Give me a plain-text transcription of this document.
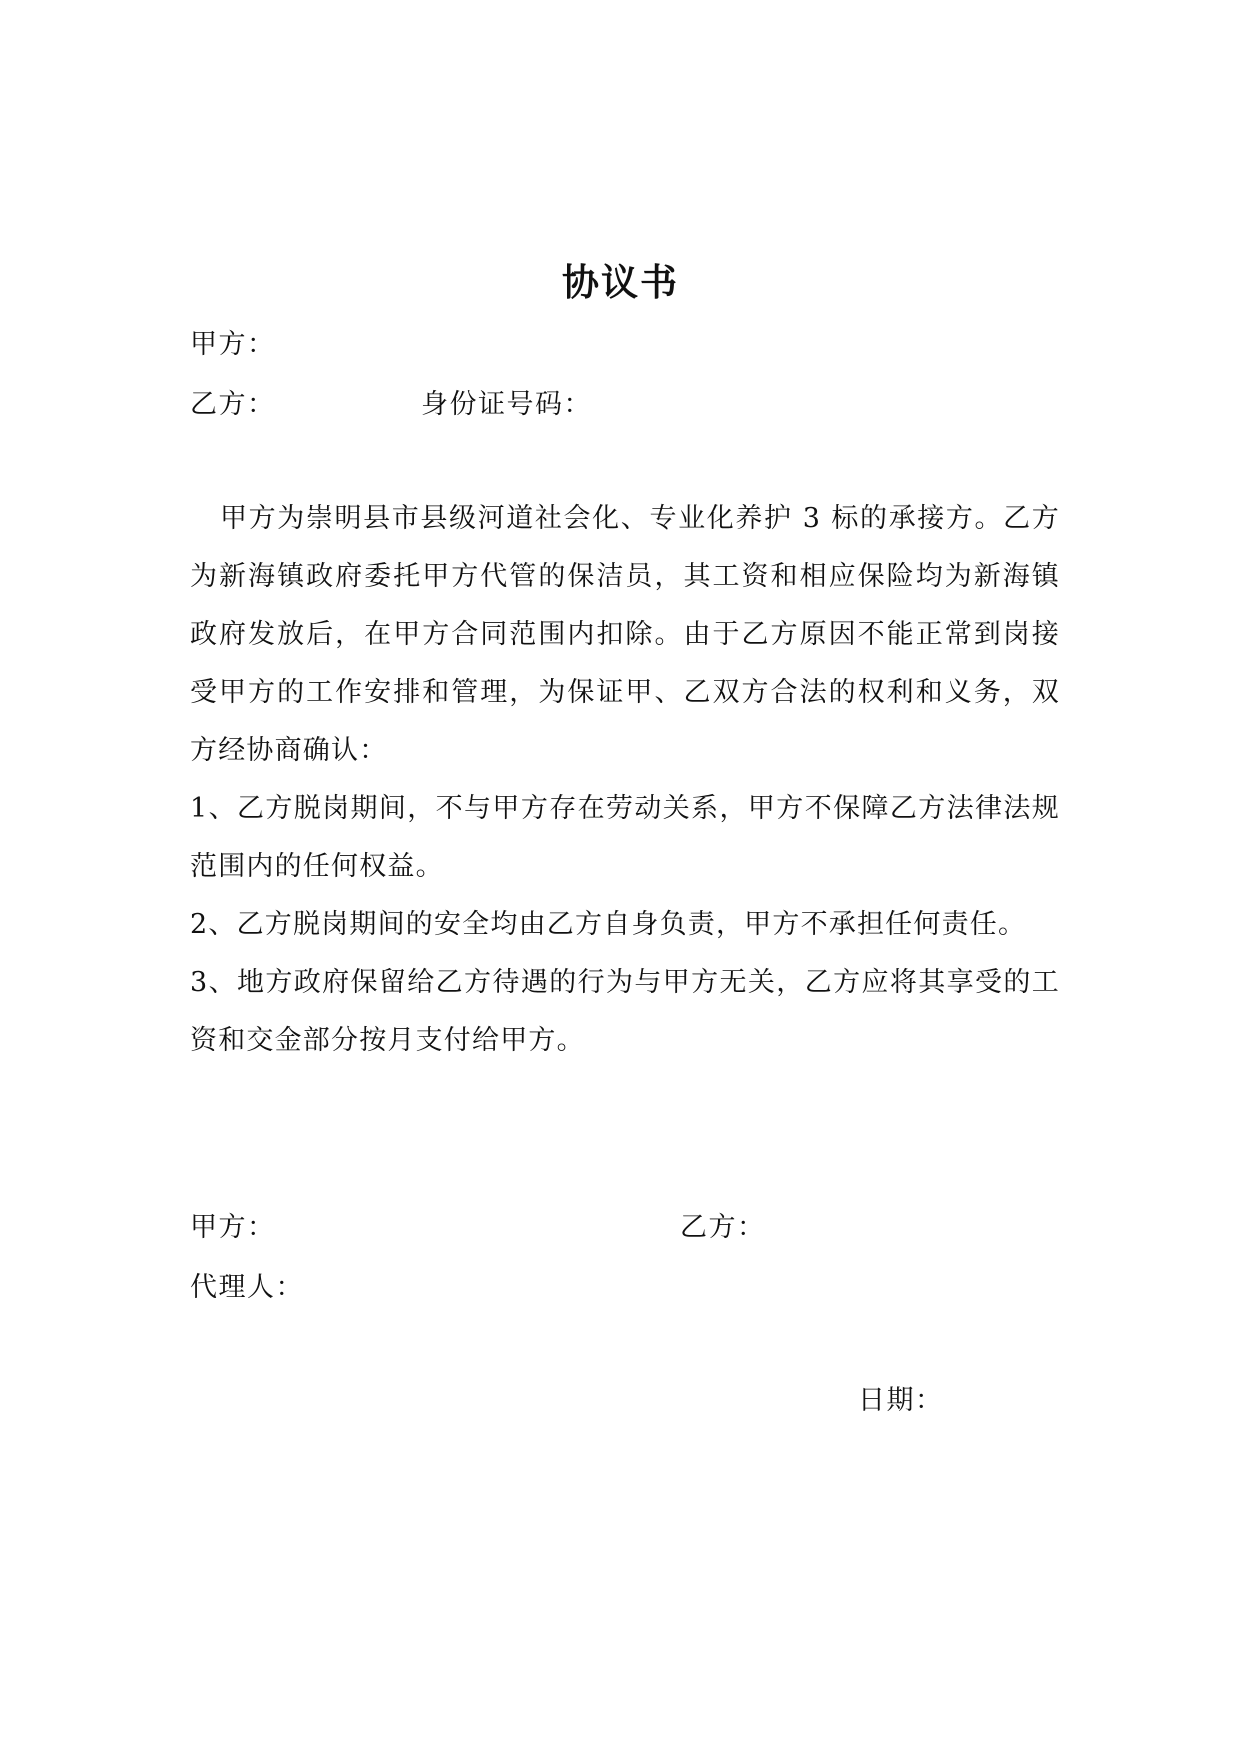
协议书
甲方：
乙方：	身份证号码：

甲方为崇明县市县级河道社会化、专业化养护 3 标的承接方。乙方为新海镇政府委托甲方代管的保洁员，其工资和相应保险均为新海镇政府发放后，在甲方合同范围内扣除。由于乙方原因不能正常到岗接受甲方的工作安排和管理，为保证甲、乙双方合法的权利和义务，双方经协商确认：

1、乙方脱岗期间，不与甲方存在劳动关系，甲方不保障乙方法律法规范围内的任何权益。

2、乙方脱岗期间的安全均由乙方自身负责，甲方不承担任何责任。

3、地方政府保留给乙方待遇的行为与甲方无关，乙方应将其享受的工资和交金部分按月支付给甲方。

甲方：	乙方：
代理人：
日期：
